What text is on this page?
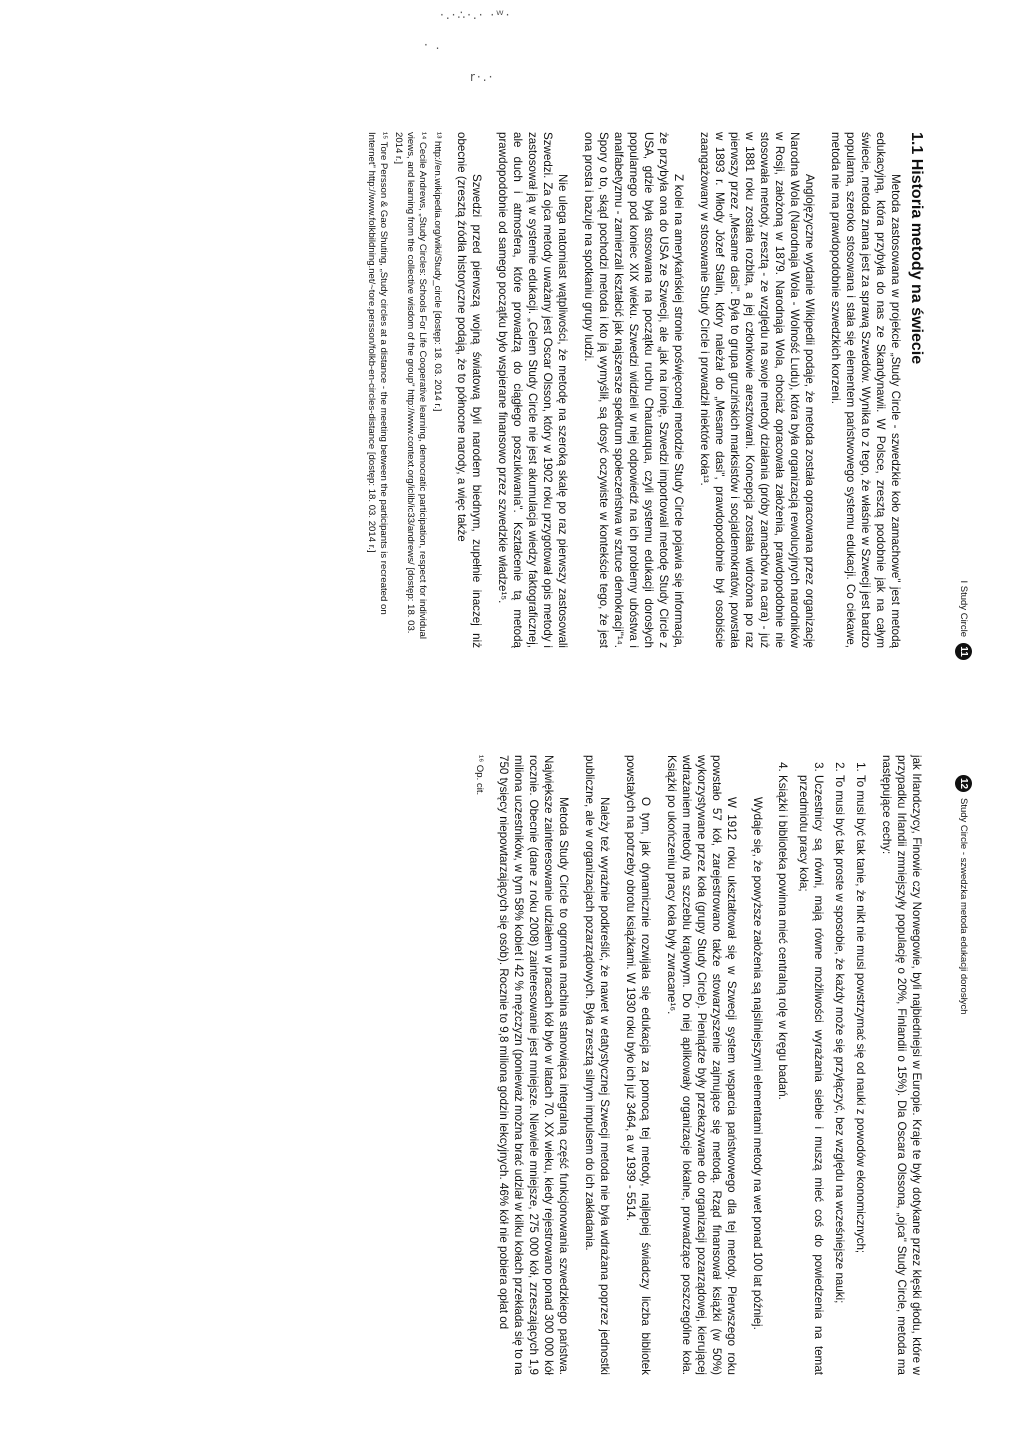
·.·∴·.· ·ᵂ·
· .
r·.·
I Study Circle
11
1.1 Historia metody na świecie

Metoda zastosowana w projekcie „Study Circle - szwedzkie koło zamachowe" jest metodą edukacyjną, która przybyła do nas ze Skandynawii. W Polsce, zresztą podobnie jak na całym świecie, metoda znana jest za sprawą Szwedów. Wynika to z tego, że właśnie w Szwecji jest bardzo popularna, szeroko stosowana i stała się elementem państwowego systemu edukacji. Co ciekawe, metoda nie ma prawdopodobnie szwedzkich korzeni.

Anglojęzyczne wydanie Wikipedii podaje, że metoda została opracowana przez organizację Narodna Wola (Narodnaja Wola - Wolność Ludu), która była organizacją rewolucyjnych narodników w Rosji, założoną w 1879. Narodnaja Wola, chociaż opracowała założenia, prawdopodobnie nie stosowała metody, zresztą - ze względu na swoje metody działania (próby zamachów na cara) - już w 1881 roku została rozbita, a jej członkowie aresztowani. Koncepcja została wdrożona po raz pierwszy przez „Mesame dasi". Była to grupa gruzińskich marksistów i socjaldemokratów, powstała w 1893 r. Młody Józef Stalin, który należał do „Mesame dasi", prawdopodobnie był osobiście zaangażowany w stosowanie Study Circle i prowadził niektóre koła¹³.

Z kolei na amerykańskiej stronie poświęconej metodzie Study Circle pojawia się informacja, że przybyła ona do USA ze Szwecji, ale „jak na ironię, Szwedzi importowali metodę Study Circle z USA, gdzie była stosowana na początku ruchu Chautauqua, czyli systemu edukacji dorosłych popularnego pod koniec XIX wieku. Szwedzi widzieli w niej odpowiedź na ich problemy ubóstwa i analfabetyzmu - zamierzali kształcić jak najszersze spektrum społeczeństwa w sztuce demokracji"¹⁴. Spory o to, skąd pochodzi metoda i kto ją wymyślił, są dosyć oczywiste w kontekście tego, że jest ona prosta i bazuje na spotkaniu grupy ludzi.

Nie ulega natomiast wątpliwości, że metodę na szeroką skalę po raz pierwszy zastosowali Szwedzi. Za ojca metody uważany jest Oscar Olsson, który w 1902 roku przygotował opis metody i zastosował ją w systemie edukacji. „Celem Study Circle nie jest akumulacja wiedzy faktograficznej, ale duch i atmosfera, które prowadzą do ciągłego poszukiwania". Kształcenie tą metodą prawdopodobnie od samego początku było wspierane finansowo przez szwedzkie władze¹⁵.

Szwedzi przed pierwszą wojną światową byli narodem biednym, zupełnie inaczej niż obecnie (zresztą źródła historyczne podają, że to północne narody, a więc także

¹³ http://en.wikipedia.org/wiki/Study_circle [dostęp: 18. 03. 2014 r.]

¹⁴ Cecile Andrews, „Study Circles: Schools For Life Cooperative learning, democratic participation, respect for individual views, and learning from the collective wisdom of the group" http://www.context.org/iclib/ic33/andrews/ [dostęp: 18. 03. 2014 r.]

¹⁵ Tore Persson & Gao Shuting, „Study circles at a distance - the meeting between the participants is recreated on Internet" http://www.folkbildning.net/~tore.persson/folkb-en-circles-distance [dostęp: 18. 03. 2014 r.]

12
Study Circle - szwedzka metoda edukacji dorosłych

jak Irlandczycy, Finowie czy Norwegowie, byli najbiedniejsi w Europie. Kraje te były dotykane przez klęski głodu, które w przypadku Irlandii zmniejszyły populację o 20%, Finlandii o 15%). Dla Oscara Olssona, „ojca" Study Circle, metoda ma następujące cechy:

1. To musi być tak tanie, że nikt nie musi powstrzymać się od nauki z powodów ekonomicznych;
2. To musi być tak proste w sposobie, że każdy może się przyłączyć, bez względu na wcześniejsze nauki;
3. Uczestnicy są równi, mają równe możliwości wyrażania siebie i muszą mieć coś do powiedzenia na temat przedmiotu pracy koła;
4. Książki i biblioteka powinna mieć centralną rolę w kręgu badań.

Wydaje się, że powyższe założenia są najsilniejszymi elementami metody na wet ponad 100 lat później.

W 1912 roku ukształtował się w Szwecji system wsparcia państwowego dla tej metody. Pierwszego roku powstało 57 kół, zarejestrowano także stowarzyszenie zajmujące się metodą. Rząd finansował książki (w 50%) wykorzystywane przez koła (grupy Study Circle). Pieniądze były przekazywane do organizacji pozarządowej, kierującej wdrażaniem metody na szczeblu krajowym. Do niej aplikowały organizacje lokalne, prowadzące poszczególne koła. Książki po ukończeniu pracy koła były zwracane¹⁶.

O tym, jak dynamicznie rozwijała się edukacja za pomocą tej metody, najlepiej świadczy liczba bibliotek powstałych na potrzeby obrotu książkami. W 1930 roku było ich już 3464, a w 1939 - 5514.

Należy też wyraźnie podkreślić, że nawet w etatystycznej Szwecji metoda nie była wdrażana poprzez jednostki publiczne, ale w organizacjach pozarządowych. Była zresztą silnym impulsem do ich zakładania.

Metoda Study Circle to ogromna machina stanowiąca integralną część funkcjonowania szwedzkiego państwa. Największe zainteresowanie udziałem w pracach kół było w latach 70. XX wieku, kiedy rejestrowano ponad 300 000 kół rocznie. Obecnie (dane z roku 2008) zainteresowanie jest mniejsze. Niewiele mniejsze, 275 000 kół, zrzeszających 1,9 miliona uczestników, w tym 58% kobiet i 42 % mężczyzn (ponieważ można brać udział w kilku kołach przekłada się to na 750 tysięcy niepowtarzających się osób). Rocznie to 9,8 miliona godzin lekcyjnych. 46% kół nie pobiera opłat od

¹⁶ Op. cit.
